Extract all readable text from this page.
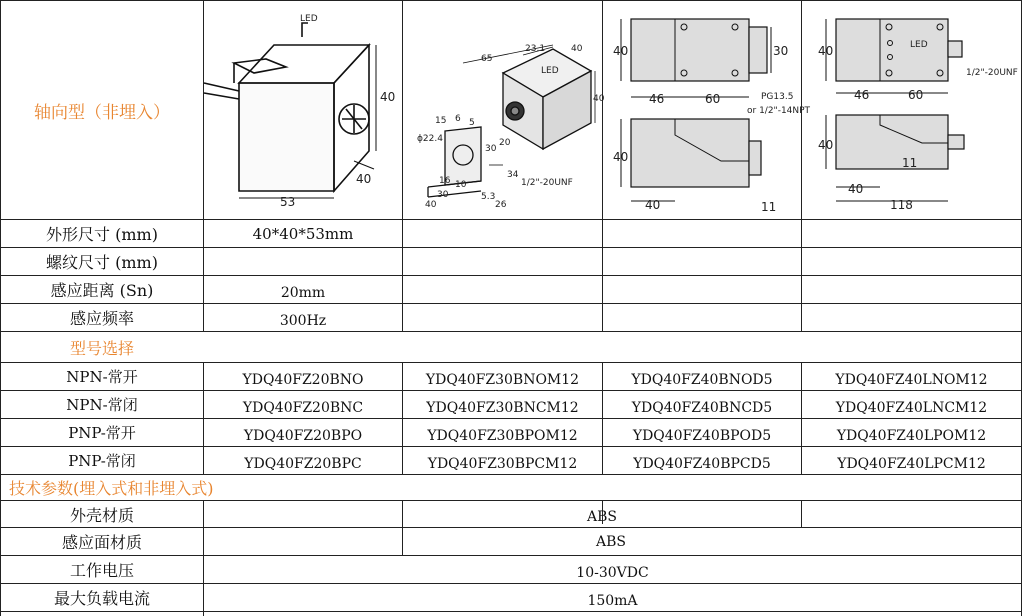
轴向型（非埋入）
LED
40
40
53
65
23.1	40
40
LED
ϕ22.4
15 6 5
20
30
34
16 10
30
40
5.3
26
1/2"-20UNF
40	30
46	60	PG13.5
or 1/2"-14NPT
40
40	11
40	LED
46	60
1/2"-20UNF
40
11
40
118
外形尺寸 (mm)	40*40*53mm
螺纹尺寸 (mm)
感应距离 (Sn)	20mm
感应频率	300Hz
型号选择
NPN-常开	YDQ40FZ20BNO	YDQ40FZ30BNOM12	YDQ40FZ40BNOD5	YDQ40FZ40LNOM12
NPN-常闭	YDQ40FZ20BNC	YDQ40FZ30BNCM12	YDQ40FZ40BNCD5	YDQ40FZ40LNCM12
PNP-常开	YDQ40FZ20BPO	YDQ40FZ30BPOM12	YDQ40FZ40BPOD5	YDQ40FZ40LPOM12
PNP-常闭	YDQ40FZ20BPC	YDQ40FZ30BPCM12	YDQ40FZ40BPCD5	YDQ40FZ40LPCM12
技术参数(埋入式和非埋入式)
外壳材质	ABS
感应面材质	ABS
工作电压	10-30VDC
最大负载电流	150mA
